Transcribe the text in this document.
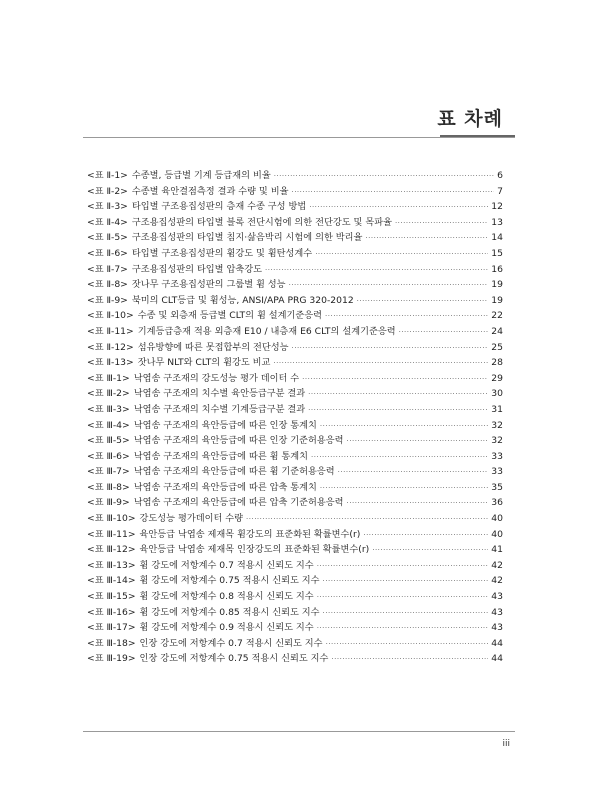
표 차례
<표 Ⅱ-1> 수종별, 등급별 기계 등급재의 비율 ·····	6
<표 Ⅱ-2> 수종별 육안결점측정 결과 수량 및 비율 ·····	7
<표 Ⅱ-3> 타입별 구조용집성판의 층재 수종 구성 방법 ·····	12
<표 Ⅱ-4> 구조용집성판의 타입별 블록 전단시험에 의한 전단강도 및 목파율 ·····	13
<표 Ⅱ-5> 구조용집성판의 타입별 침지·삶음박리 시험에 의한 박리율 ·····	14
<표 Ⅱ-6> 타입별 구조용집성판의 휨강도 및 휨탄성계수 ·····	15
<표 Ⅱ-7> 구조용집성판의 타입별 압축강도 ·····	16
<표 Ⅱ-8> 잣나무 구조용집성판의 그룹별 휨 성능 ·····	19
<표 Ⅱ-9> 북미의 CLT등급 및 휨성능, ANSI/APA PRG 320-2012 ·····	19
<표 Ⅱ-10> 수종 및 외층재 등급별 CLT의 휨 설계기준응력 ·····	22
<표 Ⅱ-11> 기계등급층재 적용 외층재 E10 / 내층재 E6 CLT의 설계기준응력 ·····	24
<표 Ⅱ-12> 섬유방향에 따른 못접합부의 전단성능 ·····	25
<표 Ⅱ-13> 잣나무 NLT와 CLT의 휨강도 비교 ·····	28
<표 Ⅲ-1> 낙엽송 구조재의 강도성능 평가 데이터 수 ·····	29
<표 Ⅲ-2> 낙엽송 구조재의 치수별 육안등급구분 결과 ·····	30
<표 Ⅲ-3> 낙엽송 구조재의 치수별 기계등급구분 결과 ·····	31
<표 Ⅲ-4> 낙엽송 구조재의 육안등급에 따른 인장 통계치 ·····	32
<표 Ⅲ-5> 낙엽송 구조재의 육안등급에 따른 인장 기준허용응력 ·····	32
<표 Ⅲ-6> 낙엽송 구조재의 육안등급에 따른 휨 통계치 ·····	33
<표 Ⅲ-7> 낙엽송 구조재의 육안등급에 따른 휨 기준허용응력 ·····	33
<표 Ⅲ-8> 낙엽송 구조재의 육안등급에 따른 압축 통계치 ·····	35
<표 Ⅲ-9> 낙엽송 구조재의 육안등급에 따른 압축 기준허용응력 ·····	36
<표 Ⅲ-10> 강도성능 평가데이터 수량 ·····	40
<표 Ⅲ-11> 육안등급 낙엽송 제재목 휨강도의 표준화된 확률변수(r) ·····	40
<표 Ⅲ-12> 육안등급 낙엽송 제재목 인장강도의 표준화된 확률변수(r) ·····	41
<표 Ⅲ-13> 휨 강도에 저항계수 0.7 적용시 신뢰도 지수 ·····	42
<표 Ⅲ-14> 휨 강도에 저항계수 0.75 적용시 신뢰도 지수 ·····	42
<표 Ⅲ-15> 휨 강도에 저항계수 0.8 적용시 신뢰도 지수 ·····	43
<표 Ⅲ-16> 휨 강도에 저항계수 0.85 적용시 신뢰도 지수 ·····	43
<표 Ⅲ-17> 휨 강도에 저항계수 0.9 적용시 신뢰도 지수 ·····	43
<표 Ⅲ-18> 인장 강도에 저항계수 0.7 적용시 신뢰도 지수 ·····	44
<표 Ⅲ-19> 인장 강도에 저항계수 0.75 적용시 신뢰도 지수 ·····	44
iii
